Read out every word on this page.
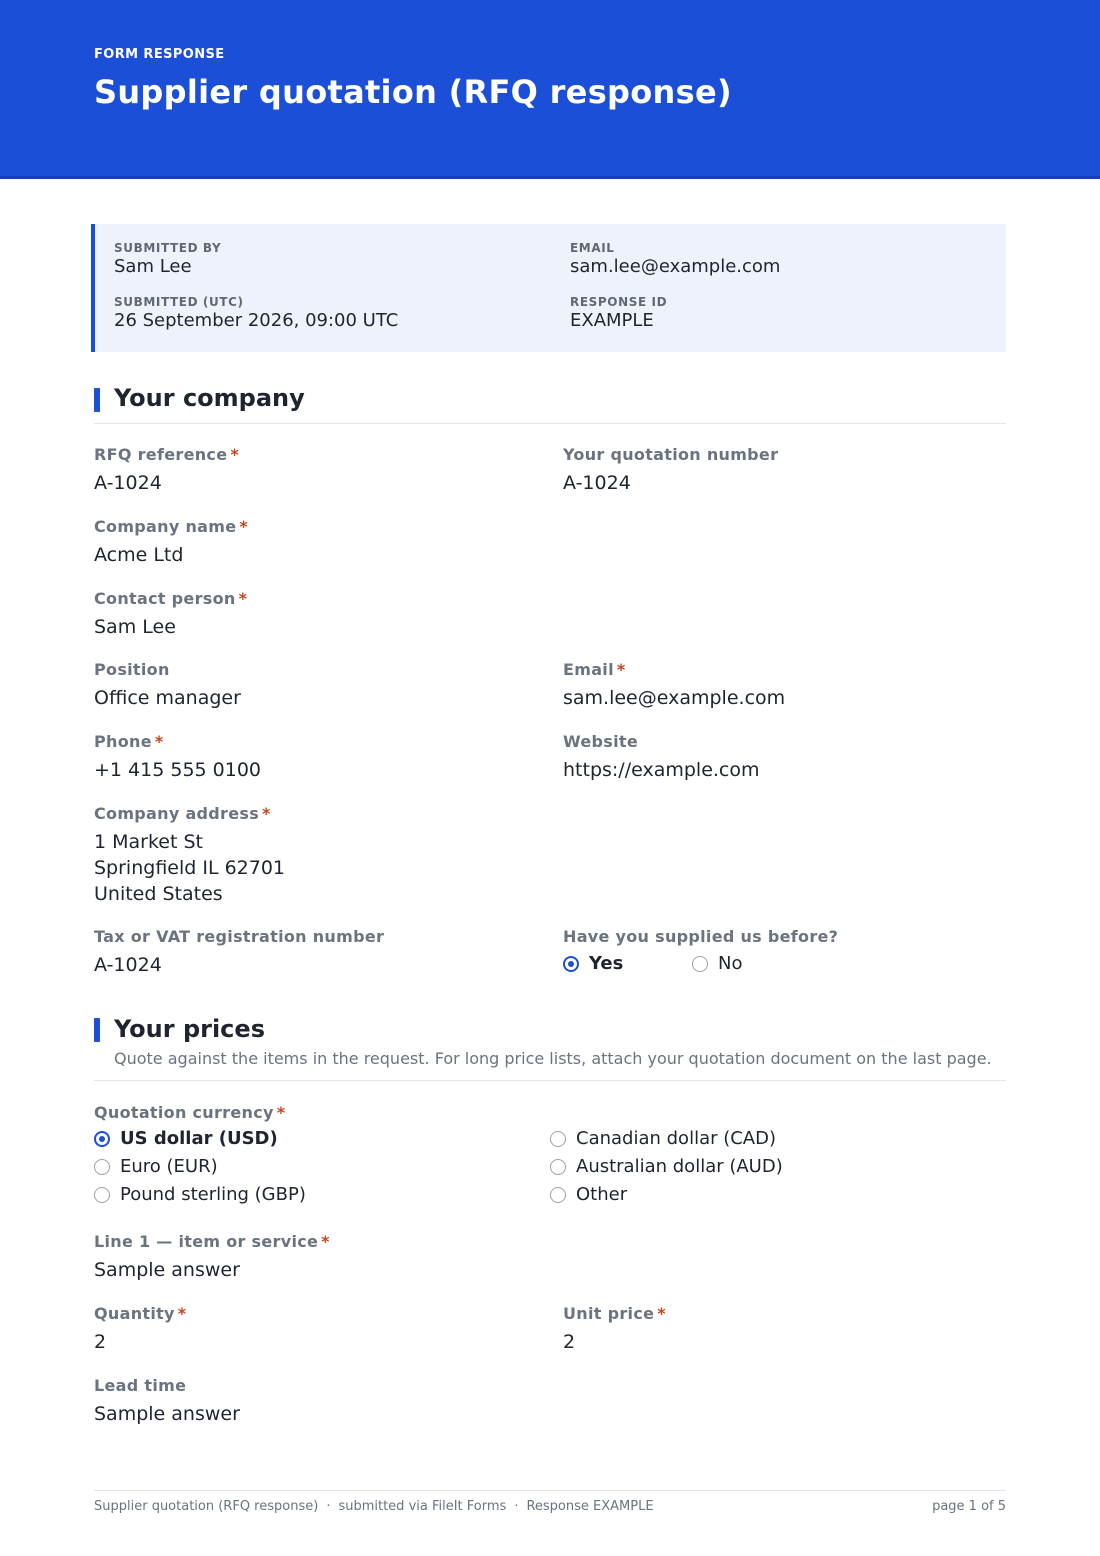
FORM RESPONSE
Supplier quotation (RFQ response)
SUBMITTED BY
Sam Lee
EMAIL
sam.lee@example.com
SUBMITTED (UTC)
26 September 2026, 09:00 UTC
RESPONSE ID
EXAMPLE
Your company
RFQ reference *
A-1024
Your quotation number
A-1024
Company name *
Acme Ltd
Contact person *
Sam Lee
Position
Office manager
Email *
sam.lee@example.com
Phone *
+1 415 555 0100
Website
https://example.com
Company address *
1 Market St
Springfield IL 62701
United States
Tax or VAT registration number
A-1024
Have you supplied us before?
Yes	No
Your prices
Quote against the items in the request. For long price lists, attach your quotation document on the last page.
Quotation currency *
US dollar (USD)
Euro (EUR)
Pound sterling (GBP)
Canadian dollar (CAD)
Australian dollar (AUD)
Other
Line 1 — item or service *
Sample answer
Quantity *
2
Unit price *
2
Lead time
Sample answer
Supplier quotation (RFQ response) · submitted via FileIt Forms · Response EXAMPLE	page 1 of 5
